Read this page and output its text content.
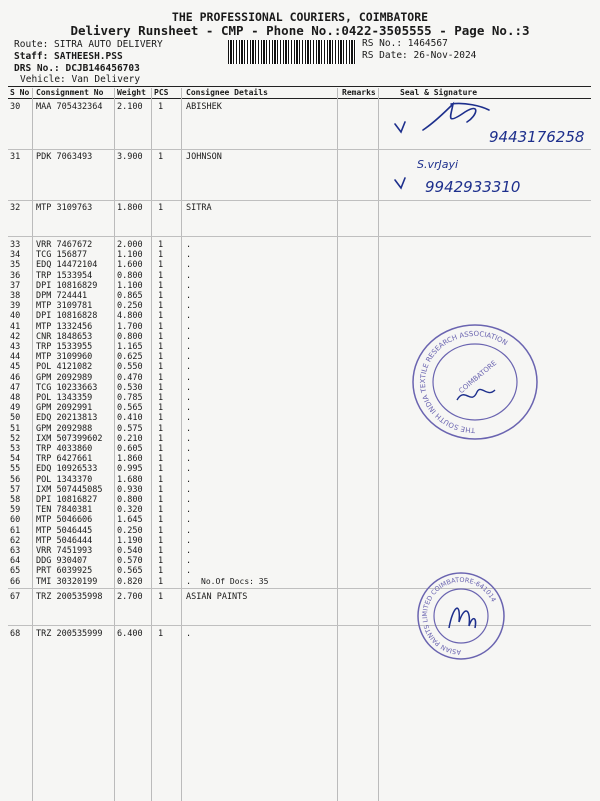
THE PROFESSIONAL COURIERS, COIMBATORE
Delivery Runsheet - CMP - Phone No.:0422-3505555 - Page No.:3
Route: SITRA AUTO DELIVERY
Staff: SATHEESH.PSS
DRS No.: DCJB146456703
Vehicle: Van Delivery
RS No.: 1464567
RS Date: 26-Nov-2024
S No Consignment No Weight PCS Consignee Details	Remarks	Seal & Signature
30 MAA 705432364 2.100 1	ABISHEK
31 PDK 7063493	3.900 1	JOHNSON
32 MTP 3109763	1.800 1	SITRA
33 VRR 7467672	2.000 1	.
34 TCG 156877	1.100 1	.
35 EDQ 14472104 1.600 1	.
36 TRP 1533954	0.800 1	.
37 DPI 10816829 1.100 1	.
38 DPM 724441	0.865 1	.
39 MTP 3109781	0.250 1	.
40 DPI 10816828 4.800 1	.
41 MTP 1332456	1.700 1	.
42 CNR 1848653	0.800 1	.
43 TRP 1533955	1.165 1	.
44 MTP 3109960	0.625 1	.
45 POL 4121082	0.550 1	.
46 GPM 2092989	0.470 1	.
47 TCG 10233663 0.530 1	.
48 POL 1343359	0.785 1	.
49 GPM 2092991	0.565 1	.
50 EDQ 20213813 0.410 1	.
51 GPM 2092988	0.575 1	.
52 IXM 507399602 0.210 1	.
53 TRP 4033860	0.605 1	.
54 TRP 6427661	1.860 1	.
55 EDQ 10926533 0.995 1	.
56 POL 1343370	1.680 1	.
57 IXM 507445085 0.930 1	.
58 DPI 10816827 0.800 1	.
59 TEN 7840381	0.320 1	.
60 MTP 5046606	1.645 1	.
61 MTP 5046445	0.250 1	.
62 MTP 5046444	1.190 1	.
63 VRR 7451993	0.540 1	.
64 DDG 930407	0.570 1	.
65 PRT 6039925	0.565 1	.
66 TMI 30320199 0.820 1	. No.Of Docs: 35
67 TRZ 200535998 2.700 1	ASIAN PAINTS
68 TRZ 200535999 6.400 1	.
9443176258
S.vrJayi
9942933310
THE SOUTH INDIA TEXTILE RESEARCH ASSOCIATION
COIMBATORE
ASIAN PAINTS LIMITED COIMBATORE-641014
